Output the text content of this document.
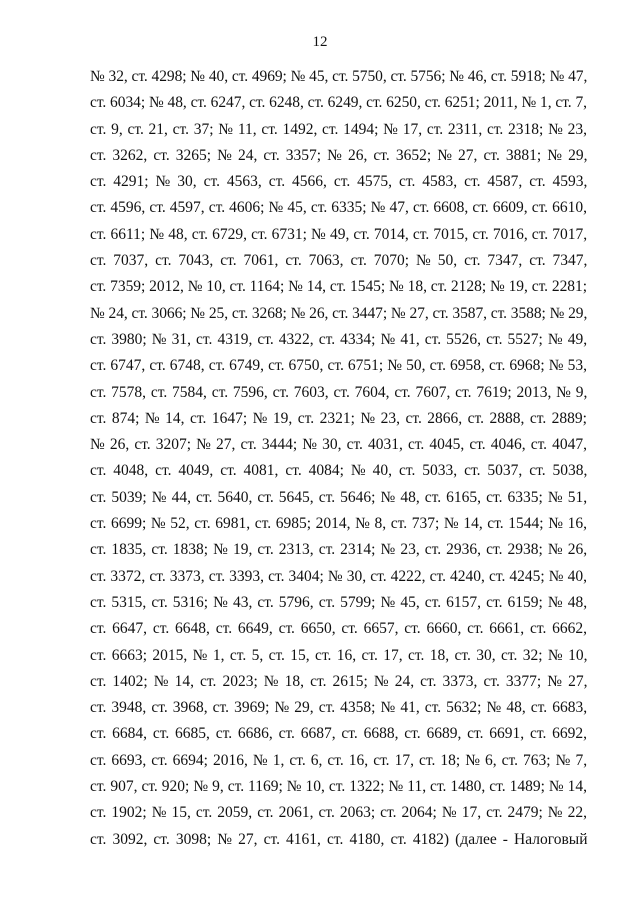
12
№ 32, ст. 4298; № 40, ст. 4969; № 45, ст. 5750, ст. 5756; № 46, ст. 5918; № 47,
ст. 6034; № 48, ст. 6247, ст. 6248, ст. 6249, ст. 6250, ст. 6251; 2011, № 1, ст. 7,
ст. 9, ст. 21, ст. 37; № 11, ст. 1492, ст. 1494; № 17, ст. 2311, ст. 2318; № 23,
ст. 3262, ст. 3265; № 24, ст. 3357; № 26, ст. 3652; № 27, ст. 3881; № 29,
ст. 4291; № 30, ст. 4563, ст. 4566, ст. 4575, ст. 4583, ст. 4587, ст. 4593,
ст. 4596, ст. 4597, ст. 4606; № 45, ст. 6335; № 47, ст. 6608, ст. 6609, ст. 6610,
ст. 6611; № 48, ст. 6729, ст. 6731; № 49, ст. 7014, ст. 7015, ст. 7016, ст. 7017,
ст. 7037, ст. 7043, ст. 7061, ст. 7063, ст. 7070; № 50, ст. 7347, ст. 7347,
ст. 7359; 2012, № 10, ст. 1164; № 14, ст. 1545; № 18, ст. 2128; № 19, ст. 2281;
№ 24, ст. 3066; № 25, ст. 3268; № 26, ст. 3447; № 27, ст. 3587, ст. 3588; № 29,
ст. 3980; № 31, ст. 4319, ст. 4322, ст. 4334; № 41, ст. 5526, ст. 5527; № 49,
ст. 6747, ст. 6748, ст. 6749, ст. 6750, ст. 6751; № 50, ст. 6958, ст. 6968; № 53,
ст. 7578, ст. 7584, ст. 7596, ст. 7603, ст. 7604, ст. 7607, ст. 7619; 2013, № 9,
ст. 874; № 14, ст. 1647; № 19, ст. 2321; № 23, ст. 2866, ст. 2888, ст. 2889;
№ 26, ст. 3207; № 27, ст. 3444; № 30, ст. 4031, ст. 4045, ст. 4046, ст. 4047,
ст. 4048, ст. 4049, ст. 4081, ст. 4084; № 40, ст. 5033, ст. 5037, ст. 5038,
ст. 5039; № 44, ст. 5640, ст. 5645, ст. 5646; № 48, ст. 6165, ст. 6335; № 51,
ст. 6699; № 52, ст. 6981, ст. 6985; 2014, № 8, ст. 737; № 14, ст. 1544; № 16,
ст. 1835, ст. 1838; № 19, ст. 2313, ст. 2314; № 23, ст. 2936, ст. 2938; № 26,
ст. 3372, ст. 3373, ст. 3393, ст. 3404; № 30, ст. 4222, ст. 4240, ст. 4245; № 40,
ст. 5315, ст. 5316; № 43, ст. 5796, ст. 5799; № 45, ст. 6157, ст. 6159; № 48,
ст. 6647, ст. 6648, ст. 6649, ст. 6650, ст. 6657, ст. 6660, ст. 6661, ст. 6662,
ст. 6663; 2015, № 1, ст. 5, ст. 15, ст. 16, ст. 17, ст. 18, ст. 30, ст. 32; № 10,
ст. 1402; № 14, ст. 2023; № 18, ст. 2615; № 24, ст. 3373, ст. 3377; № 27,
ст. 3948, ст. 3968, ст. 3969; № 29, ст. 4358; № 41, ст. 5632; № 48, ст. 6683,
ст. 6684, ст. 6685, ст. 6686, ст. 6687, ст. 6688, ст. 6689, ст. 6691, ст. 6692,
ст. 6693, ст. 6694; 2016, № 1, ст. 6, ст. 16, ст. 17, ст. 18; № 6, ст. 763; № 7,
ст. 907, ст. 920; № 9, ст. 1169; № 10, ст. 1322; № 11, ст. 1480, ст. 1489; № 14,
ст. 1902; № 15, ст. 2059, ст. 2061, ст. 2063; ст. 2064; № 17, ст. 2479; № 22,
ст. 3092, ст. 3098; № 27, ст. 4161, ст. 4180, ст. 4182) (далее - Налоговый
